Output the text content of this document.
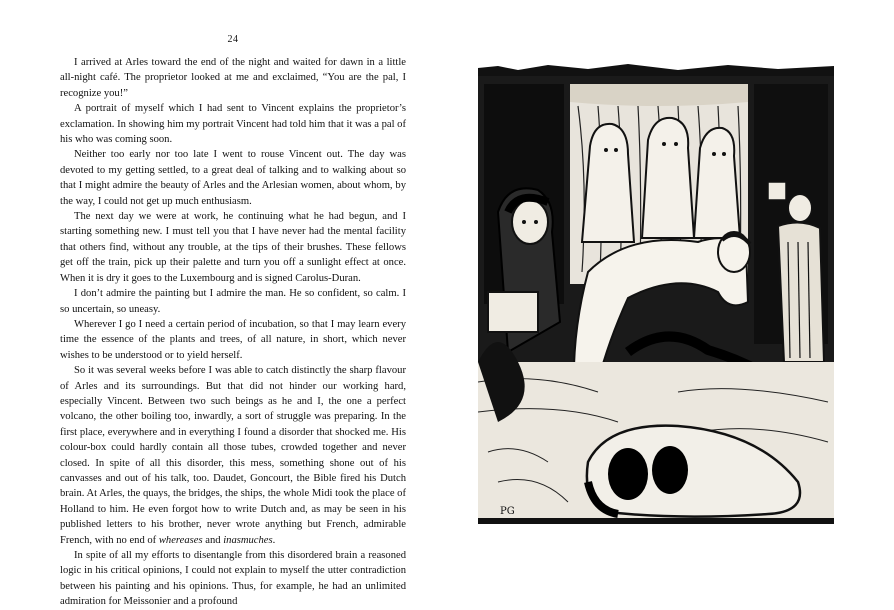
24

I arrived at Arles toward the end of the night and waited for dawn in a little all-night café. The proprietor looked at me and exclaimed, “You are the pal, I recognize you!”

A portrait of myself which I had sent to Vincent explains the proprietor’s exclamation. In showing him my portrait Vincent had told him that it was a pal of his who was coming soon.

Neither too early nor too late I went to rouse Vincent out. The day was devoted to my getting settled, to a great deal of talking and to walking about so that I might admire the beauty of Arles and the Arlesian women, about whom, by the way, I could not get up much enthusiasm.

The next day we were at work, he continuing what he had begun, and I starting something new. I must tell you that I have never had the mental facility that others find, without any trouble, at the tips of their brushes. These fellows get off the train, pick up their palette and turn you off a sunlight effect at once. When it is dry it goes to the Luxembourg and is signed Carolus-Duran.

I don’t admire the painting but I admire the man. He so confident, so calm. I so uncertain, so uneasy.

Wherever I go I need a certain period of incubation, so that I may learn every time the essence of the plants and trees, of all nature, in short, which never wishes to be understood or to yield herself.

So it was several weeks before I was able to catch distinctly the sharp flavour of Arles and its surroundings. But that did not hinder our working hard, especially Vincent. Between two such beings as he and I, the one a perfect volcano, the other boiling too, inwardly, a sort of struggle was preparing. In the first place, everywhere and in everything I found a disorder that shocked me. His colour-box could hardly contain all those tubes, crowded together and never closed. In spite of all this disorder, this mess, something shone out of his canvasses and out of his talk, too. Daudet, Goncourt, the Bible fired his Dutch brain. At Arles, the quays, the bridges, the ships, the whole Midi took the place of Holland to him. He even forgot how to write Dutch and, as may be seen in his published letters to his brother, never wrote anything but French, admirable French, with no end of whereases and inasmuches.

In spite of all my efforts to disentangle from this disordered brain a reasoned logic in his critical opinions, I could not explain to myself the utter contradiction between his painting and his opinions. Thus, for example, he had an unlimited admiration for Meissonier and a profound

PG
